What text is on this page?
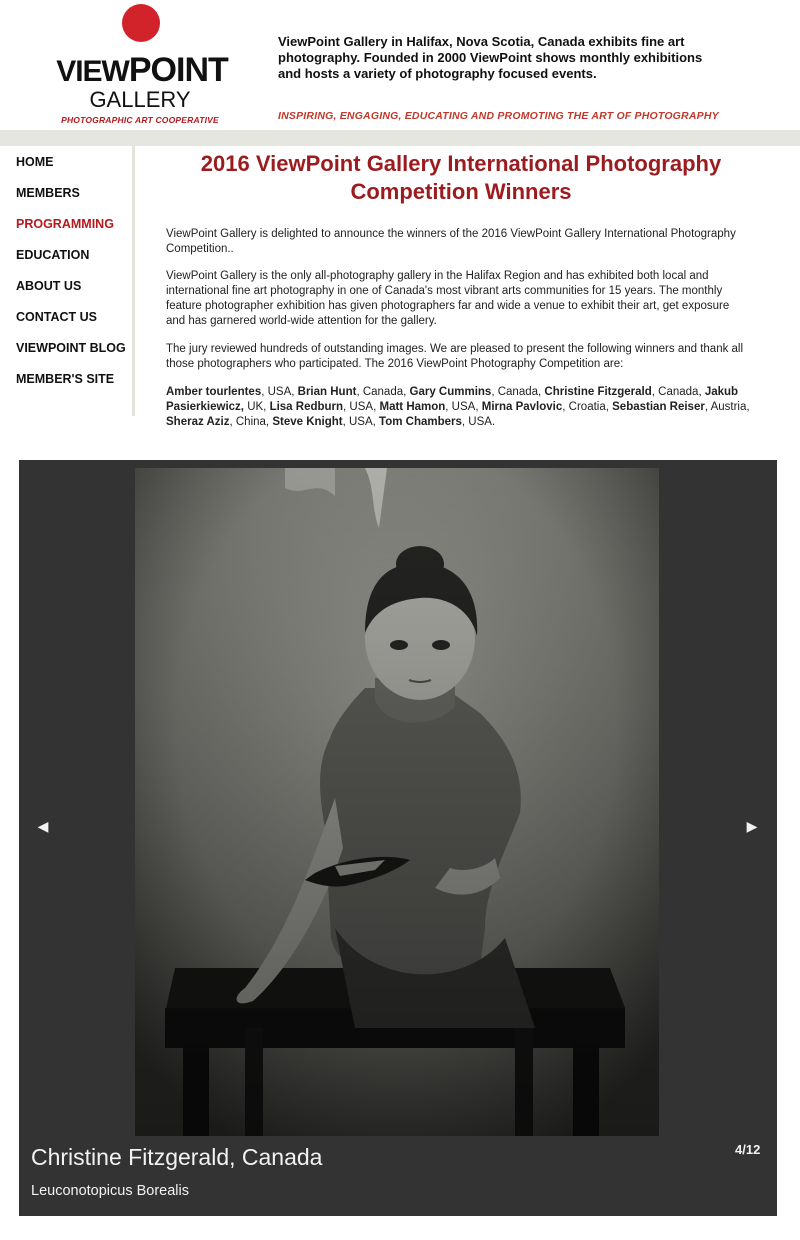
VIEWPOINT
GALLERY
PHOTOGRAPHIC ART COOPERATIVE
ViewPoint Gallery in Halifax, Nova Scotia, Canada exhibits fine art photography. Founded in 2000 ViewPoint shows monthly exhibitions and hosts a variety of photography focused events.
INSPIRING, ENGAGING, EDUCATING AND PROMOTING THE ART OF PHOTOGRAPHY
HOME
MEMBERS
PROGRAMMING
EDUCATION
ABOUT US
CONTACT US
VIEWPOINT BLOG
MEMBER'S SITE
2016 ViewPoint Gallery International Photography Competition Winners

ViewPoint Gallery is delighted to announce the winners of the 2016 ViewPoint Gallery International Photography Competition..

ViewPoint Gallery is the only all-photography gallery in the Halifax Region and has exhibited both local and international fine art photography in one of Canada's most vibrant arts communities for 15 years. The monthly feature photographer exhibition has given photographers far and wide a venue to exhibit their art, get exposure and has garnered world-wide attention for the gallery.

The jury reviewed hundreds of outstanding images. We are pleased to present the following winners and thank all those photographers who participated. The 2016 ViewPoint Photography Competition are:

Amber tourlentes, USA, Brian Hunt, Canada, Gary Cummins, Canada, Christine Fitzgerald, Canada, Jakub Pasierkiewicz, UK, Lisa Redburn, USA, Matt Hamon, USA, Mirna Pavlovic, Croatia, Sebastian Reiser, Austria, Sheraz Aziz, China, Steve Knight, USA, Tom Chambers, USA.

◀	▶
Christine Fitzgerald, Canada
Leuconotopicus Borealis
4/12
